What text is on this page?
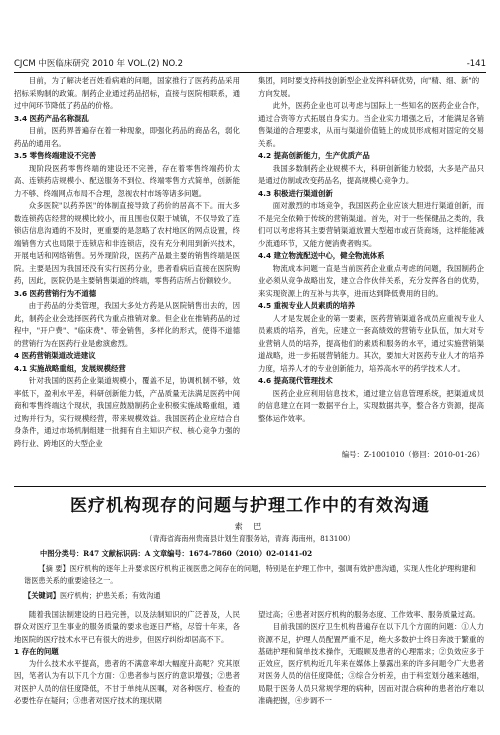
CJCM 中医临床研究 2010 年 VOL.(2) NO.2	-141

目前，为了解决老百姓看病难的问题，国家推行了医药药品采用招标采购制的政策。制药企业通过药品招标，直接与医院相联系，通过中间环节降低了药品的价格。

3.4 医药产品名称混乱

目前，医药界普遍存在着一种现象，即强化药品的商品名，弱化药品的通用名。

3.5 零售终端建设不完善

现阶段医药零售终端的建设还不完善，存在着零售终端药价太高、连锁药店规模小、配送服务不到位、终端零售方式简单，创新能力不够、终端网点布局不合理，忽视农村市场等诸多问题。

众多医院"以药养医"的体制直接导致了药价的居高不下。而大多数连锁药店经营的规模比较小，而且围也仅限于城镇，不仅导致了连锁店信息沟通的不及时，更重要的是忽略了农村地区的网点设置，终端销售方式也局限于连锁店和非连锁店，没有充分利用到新兴技术，开展电话和网络销售。另外现阶段，医药产品最主要的销售终端是医院。主要是因为我国还没有实行医药分业，患者看病后直接在医院购药，因此，医院仍是主要销售渠道的终端，零售药店所占份额较少。

3.6 医药营销行为不道德

由于药品的分类管理，我国大多处方药是从医院销售出去的，因此，制药企业会选择医药代为重点推销对象。但企业在推销药品的过程中，"开户费"、"临床费"、带金销售，多样化的形式，使得不道德的营销行为在医药行业是愈演愈烈。

4 医药营销渠道改进建议

4.1 实施战略重组，发展规模经营

针对我国的医药企业渠道规模小，覆盖不足，协调机制不够，效率低下，盈利水平差，科研创新能力低，产品质量无法满足医药中间商和零售终端这个现状，我国应鼓励制药企业积极实施战略重组，通过购并行为，实行规模经营，带来规模效益。我国医药企业应结合自身条件，通过市场机制组建一批拥有自主知识产权、核心竞争力强的跨行业、跨地区的大型企业

集团，同时要支持科技创新型企业发挥科研优势，向"精、细、新"的方向发展。

此外，医药企业也可以考虑与国际上一些知名的医药企业合作，通过合资等方式拓展自身实力。当企业实力增强之后，才能满足各销售渠道的合理要求，从而与渠道价值链上的成员形成相对固定的交易关系。

4.2 提高创新能力，生产优质产品

我国多数制药企业规模不大，科研创新能力较弱，大多是产品只是通过仿制或改变药品名，提高规模心竞争力。

4.3 积极进行渠道创新

面对激烈的市场竞争，我国医药企业应该大胆进行渠道创新，而不是完全依赖于传统的营销渠道。首先，对于一些保健品之类的，我们可以考虑将其主要营销渠道放置大型超市或百货商场，这样能能减少流通环节，又能方便消费者购买。

4.4 建立物流配送中心，健全物流体系

物流成本问题一直是当前医药企业重点考虑的问题，我国制药企业必须从竞争战略出发，建立合作伙伴关系，充分发挥各自的优势，来实现资源上的互补与共享，进而达到降低费用的目的。

4.5 重视专业人员素质的培养

人才是发展企业的第一要素，医药营销渠道各成员应重视专业人员素质的培养，首先，应建立一套高绩效的营销专业队伍，加大对专业营销人员的培养，提高他们的素质和服务的水平，通过实施营销渠道战略，进一步拓展营销能力。其次，要加大对医药专业人才的培养力度，培养人才的专业创新能力，培养高水平的药学技术人才。

4.6 提高现代管理技术

医药企业应利用信息技术，通过建立信息管理系统，把渠道成员的信息建立在同一数据平台上，实现数据共享，整合各方资源，提高整体运作效率。

编号：Z-1001010（修回：2010-01-26）

医疗机构现存的问题与护理工作中的有效沟通
索 巴
（青海省海南州贵南县计划生育服务站，青海 海南州，813100）
中图分类号：R47 文献标识码：A 文章编号：1674-7860（2010）02-0141-02
【摘 要】医疗机构的逐年上升要求医疗机构正视医患之间存在的问题，特别是在护理工作中，强调有效护患沟通，实现人性化护理构建和谐医患关系的重要途径之一。
【关键词】医疗机构；护患关系；有效沟通

随着我国法制建设的日趋完善，以及法制知识的广泛普及，人民群众对医疗卫生事业的服务质量的要求也逐日严格，尽管十年来，各地医院的医疗技术水平已有很大的进步，但医疗纠纷却居高不下。

1 存在的问题

为什么技术水平提高，患者的不满意率却大幅度升高呢？究其原因，笔者认为有以下几个方面：①患者参与医疗的意识增强；②患者对医护人员的信任度降低，不甘于单纯从医嘱，对各种医疗、检查的必要性存在疑问；③患者对医疗技术的现状期

望过高；④患者对医疗机构的服务态度、工作效率、服务质量过高。

目前我国的医疗卫生机构普遍存在以下几个方面的问题：①人力资源不足，护理人员配置严重不足，绝大多数护士终日奔波于繁重的基础护理和简单技术操作，无暇顾及患者的心理需求；②负效应多于正效应，医疗机构近几年来在媒体上暴露出来的许多问题令广大患者对医务人员的信任度降低；③综合分析差，由于科室划分越来越细，局限于医务人员只常规学理的病种，因而对混合病种的患者治疗难以准确把握，④步调不一
